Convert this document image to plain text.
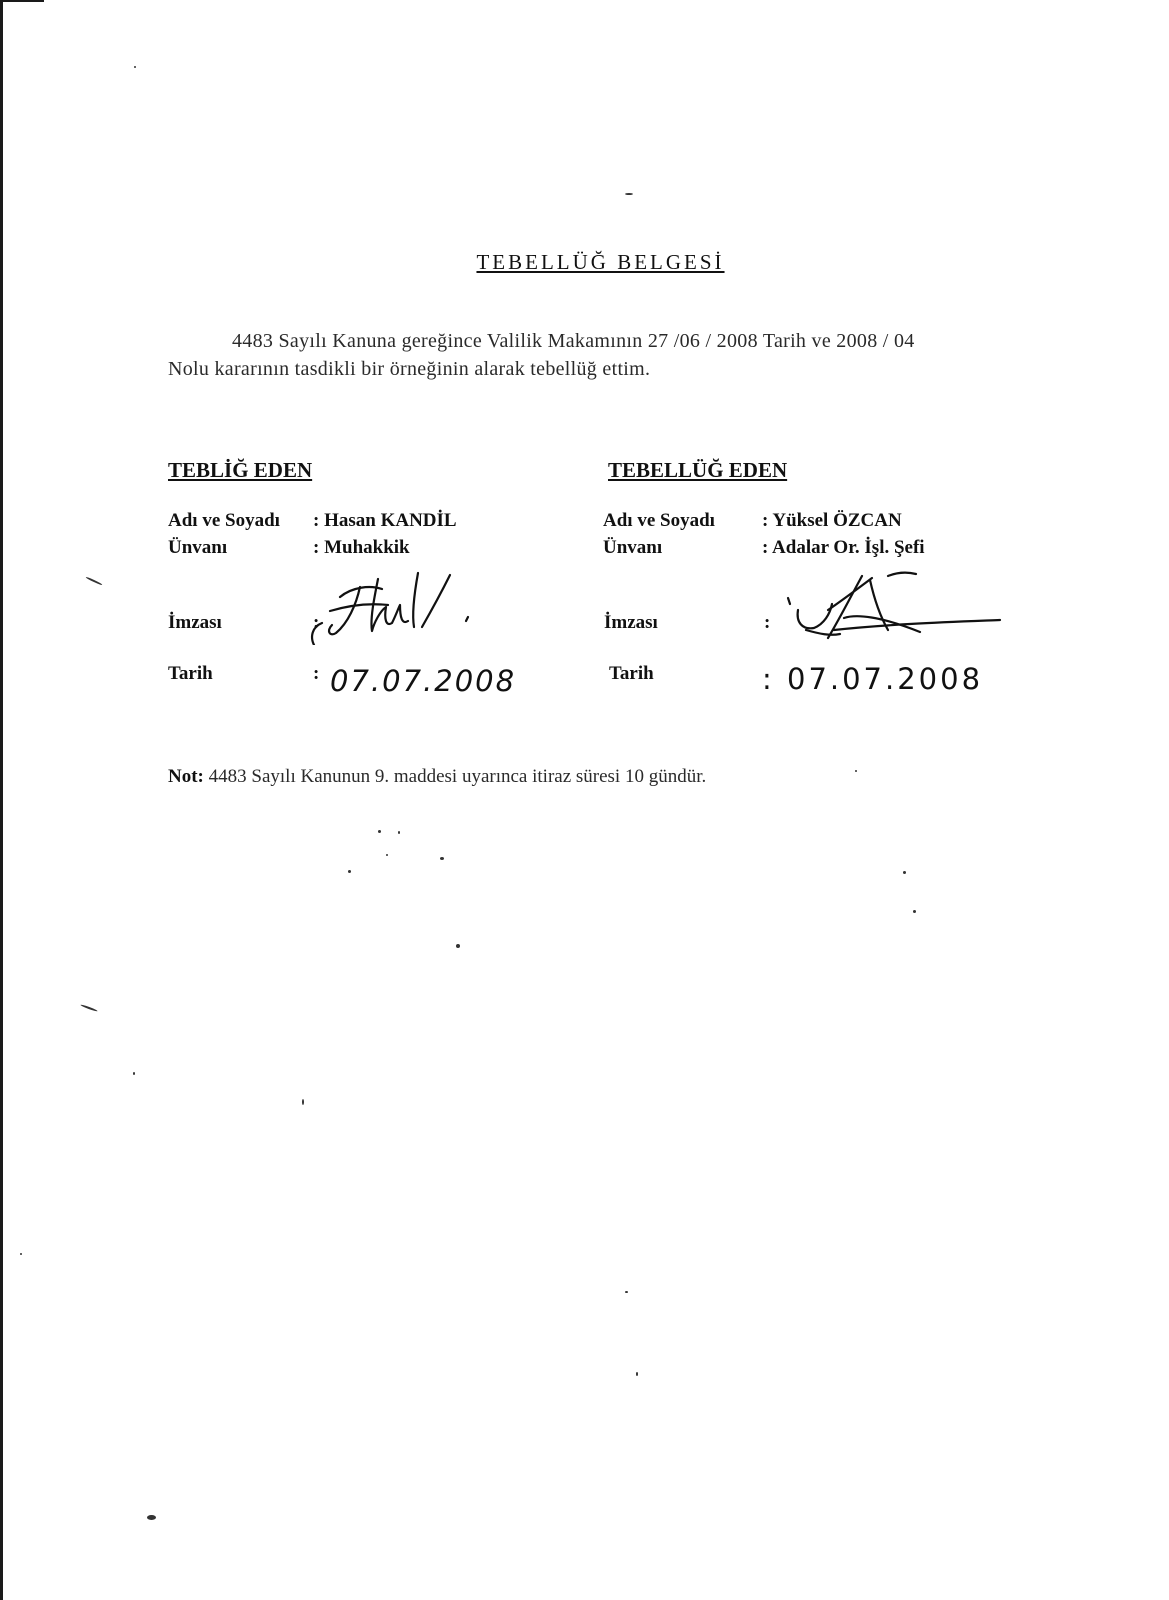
TEBELLÜĞ BELGESİ
4483 Sayılı Kanuna gereğince Valilik Makamının 27 /06 / 2008 Tarih ve 2008 / 04
Nolu kararının tasdikli bir örneğinin alarak tebellüğ ettim.
TEBLİĞ EDEN
Adı ve Soyadı : Hasan KANDİL
Ünvanı	: Muhakkik
İmzası	:
Tarih	: 07.07.2008
TEBELLÜĞ EDEN
Adı ve Soyadı : Yüksel ÖZCAN
Ünvanı	: Adalar Or. İşl. Şefi
İmzası	:
Tarih	: 07.07.2008
Not: 4483 Sayılı Kanunun 9. maddesi uyarınca itiraz süresi 10 gündür.
